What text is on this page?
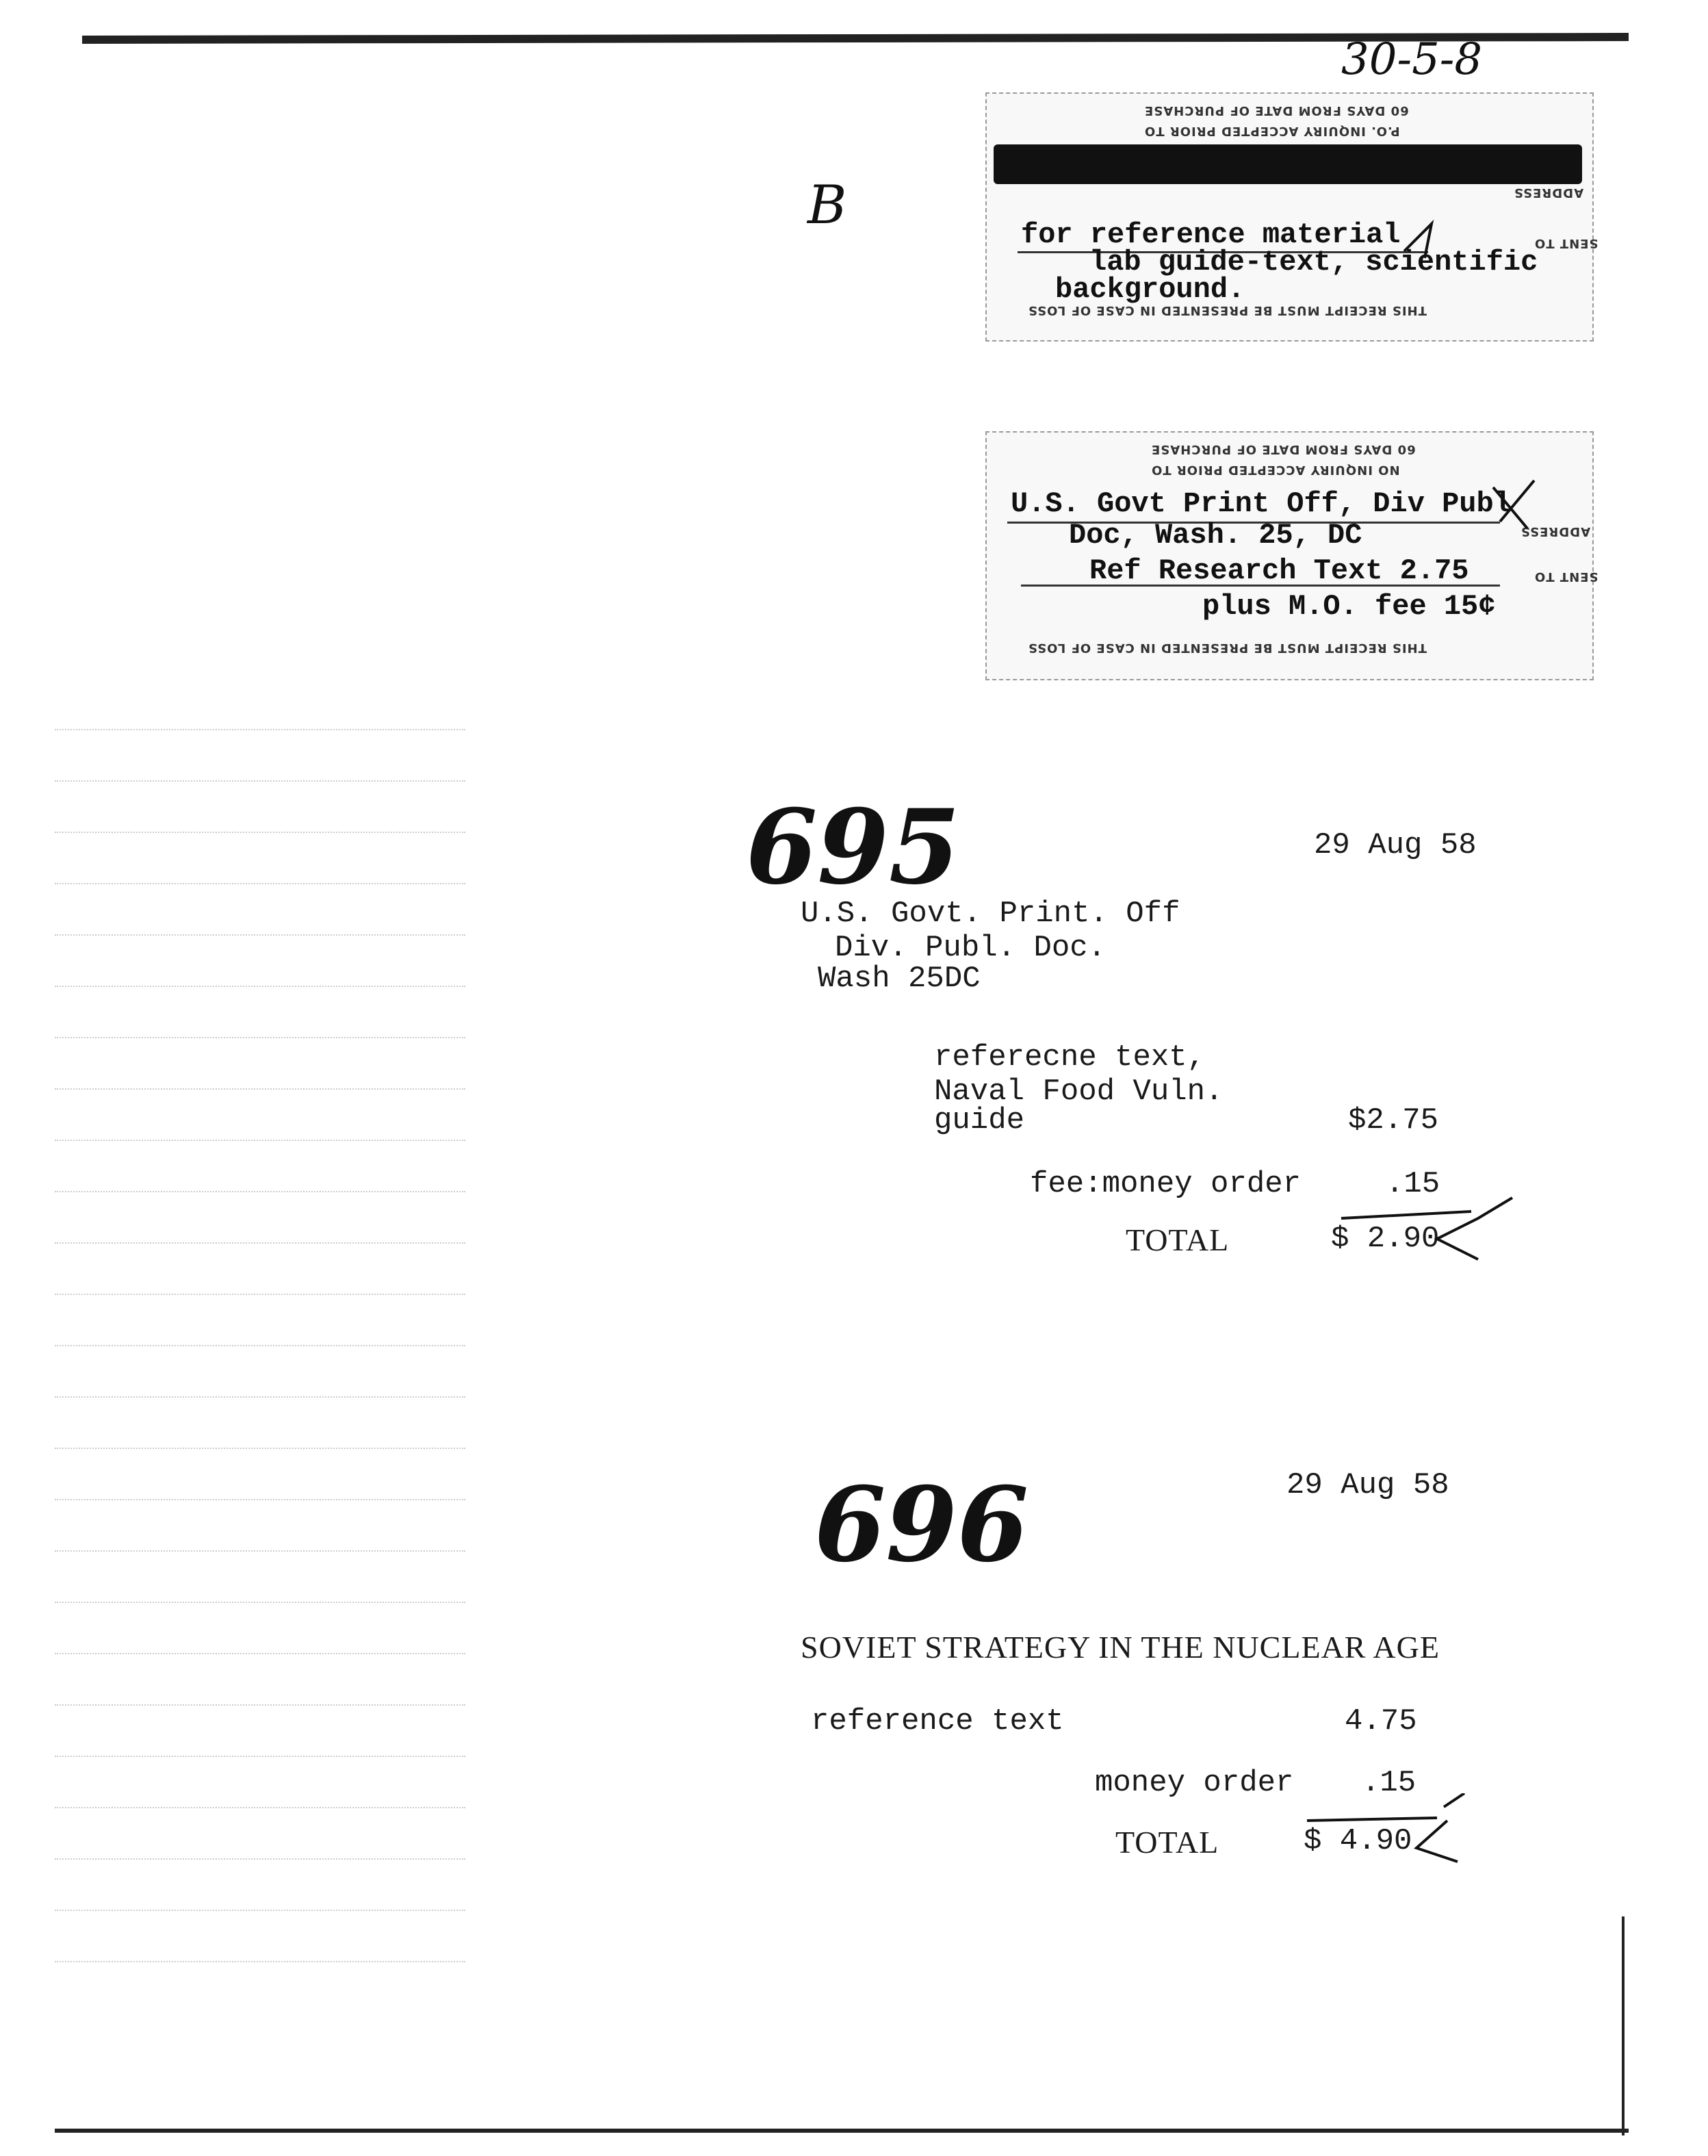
30-5-8
B
60 DAYS FROM DATE OF PURCHASE
P.O. INQUIRY ACCEPTED PRIOR TO
ADDRESS
for reference material
lab guide-text, scientific
SENT TO
background.
THIS RECEIPT MUST BE PRESENTED IN CASE OF LOSS
60 DAYS FROM DATE OF PURCHASE
NO INQUIRY ACCEPTED PRIOR TO
U.S. Govt Print Off, Div Publ
ADDRESS
Doc, Wash. 25, DC
Ref Research Text 2.75	SENT TO
plus M.O. fee 15¢
THIS RECEIPT MUST BE PRESENTED IN CASE OF LOSS
695	29 Aug 58
U.S. Govt. Print. Off
Div. Publ. Doc.
Wash 25DC
referecne text,
Naval Food Vuln.
guide	$2.75
fee:money order	.15
TOTAL	$ 2.90
696	29 Aug 58
SOVIET STRATEGY IN THE NUCLEAR AGE
reference text	4.75
money order .15
TOTAL	$ 4.90
